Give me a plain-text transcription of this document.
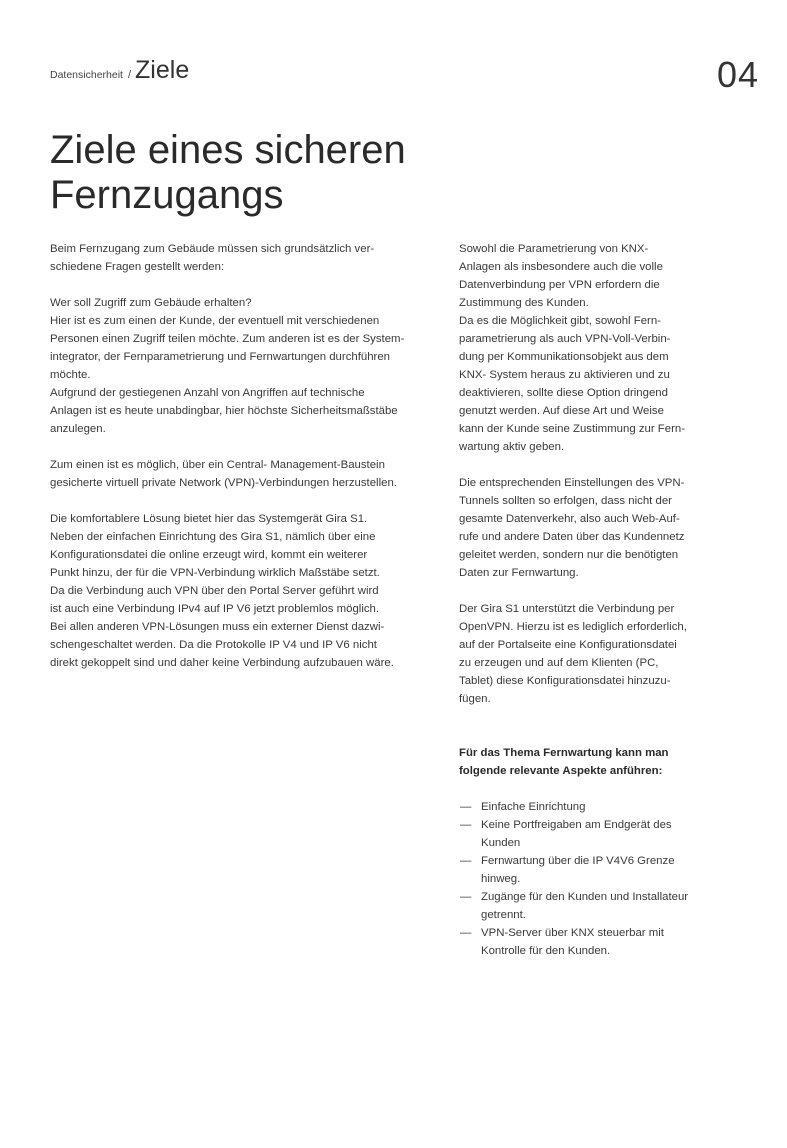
Datensicherheit / Ziele	04
Ziele eines sicheren
Fernzugangs

Beim Fernzugang zum Gebäude müssen sich grundsätzlich ver-
schiedene Fragen gestellt werden:

Wer soll Zugriff zum Gebäude erhalten?
Hier ist es zum einen der Kunde, der eventuell mit verschiedenen
Personen einen Zugriff teilen möchte. Zum anderen ist es der System-
integrator, der Fernparametrierung und Fernwartungen durchführen
möchte.
Aufgrund der gestiegenen Anzahl von Angriffen auf technische
Anlagen ist es heute unabdingbar, hier höchste Sicherheitsmaßstäbe
anzulegen.

Zum einen ist es möglich, über ein Central- Management-Baustein
gesicherte virtuell private Network (VPN)-Verbindungen herzustellen.

Die komfortablere Lösung bietet hier das Systemgerät Gira S1.
Neben der einfachen Einrichtung des Gira S1, nämlich über eine
Konfigurationsdatei die online erzeugt wird, kommt ein weiterer
Punkt hinzu, der für die VPN-Verbindung wirklich Maßstäbe setzt.
Da die Verbindung auch VPN über den Portal Server geführt wird
ist auch eine Verbindung IPv4 auf IP V6 jetzt problemlos möglich.
Bei allen anderen VPN-Lösungen muss ein externer Dienst dazwi-
schengeschaltet werden. Da die Protokolle IP V4 und IP V6 nicht
direkt gekoppelt sind und daher keine Verbindung aufzubauen wäre.

Sowohl die Parametrierung von KNX-
Anlagen als insbesondere auch die volle
Datenverbindung per VPN erfordern die
Zustimmung des Kunden.
Da es die Möglichkeit gibt, sowohl Fern-
parametrierung als auch VPN-Voll-Verbin-
dung per Kommunikationsobjekt aus dem
KNX- System heraus zu aktivieren und zu
deaktivieren, sollte diese Option dringend
genutzt werden. Auf diese Art und Weise
kann der Kunde seine Zustimmung zur Fern-
wartung aktiv geben.

Die entsprechenden Einstellungen des VPN-
Tunnels sollten so erfolgen, dass nicht der
gesamte Datenverkehr, also auch Web-Auf-
rufe und andere Daten über das Kundennetz
geleitet werden, sondern nur die benötigten
Daten zur Fernwartung.

Der Gira S1 unterstützt die Verbindung per
OpenVPN. Hierzu ist es lediglich erforderlich,
auf der Portalseite eine Konfigurationsdatei
zu erzeugen und auf dem Klienten (PC,
Tablet) diese Konfigurationsdatei hinzuzu-
fügen.

Für das Thema Fernwartung kann man
folgende relevante Aspekte anführen:

— Einfache Einrichtung
— Keine Portfreigaben am Endgerät des
Kunden
— Fernwartung über die IP V4V6 Grenze
hinweg.
— Zugänge für den Kunden und Installateur
getrennt.
— VPN-Server über KNX steuerbar mit
Kontrolle für den Kunden.
